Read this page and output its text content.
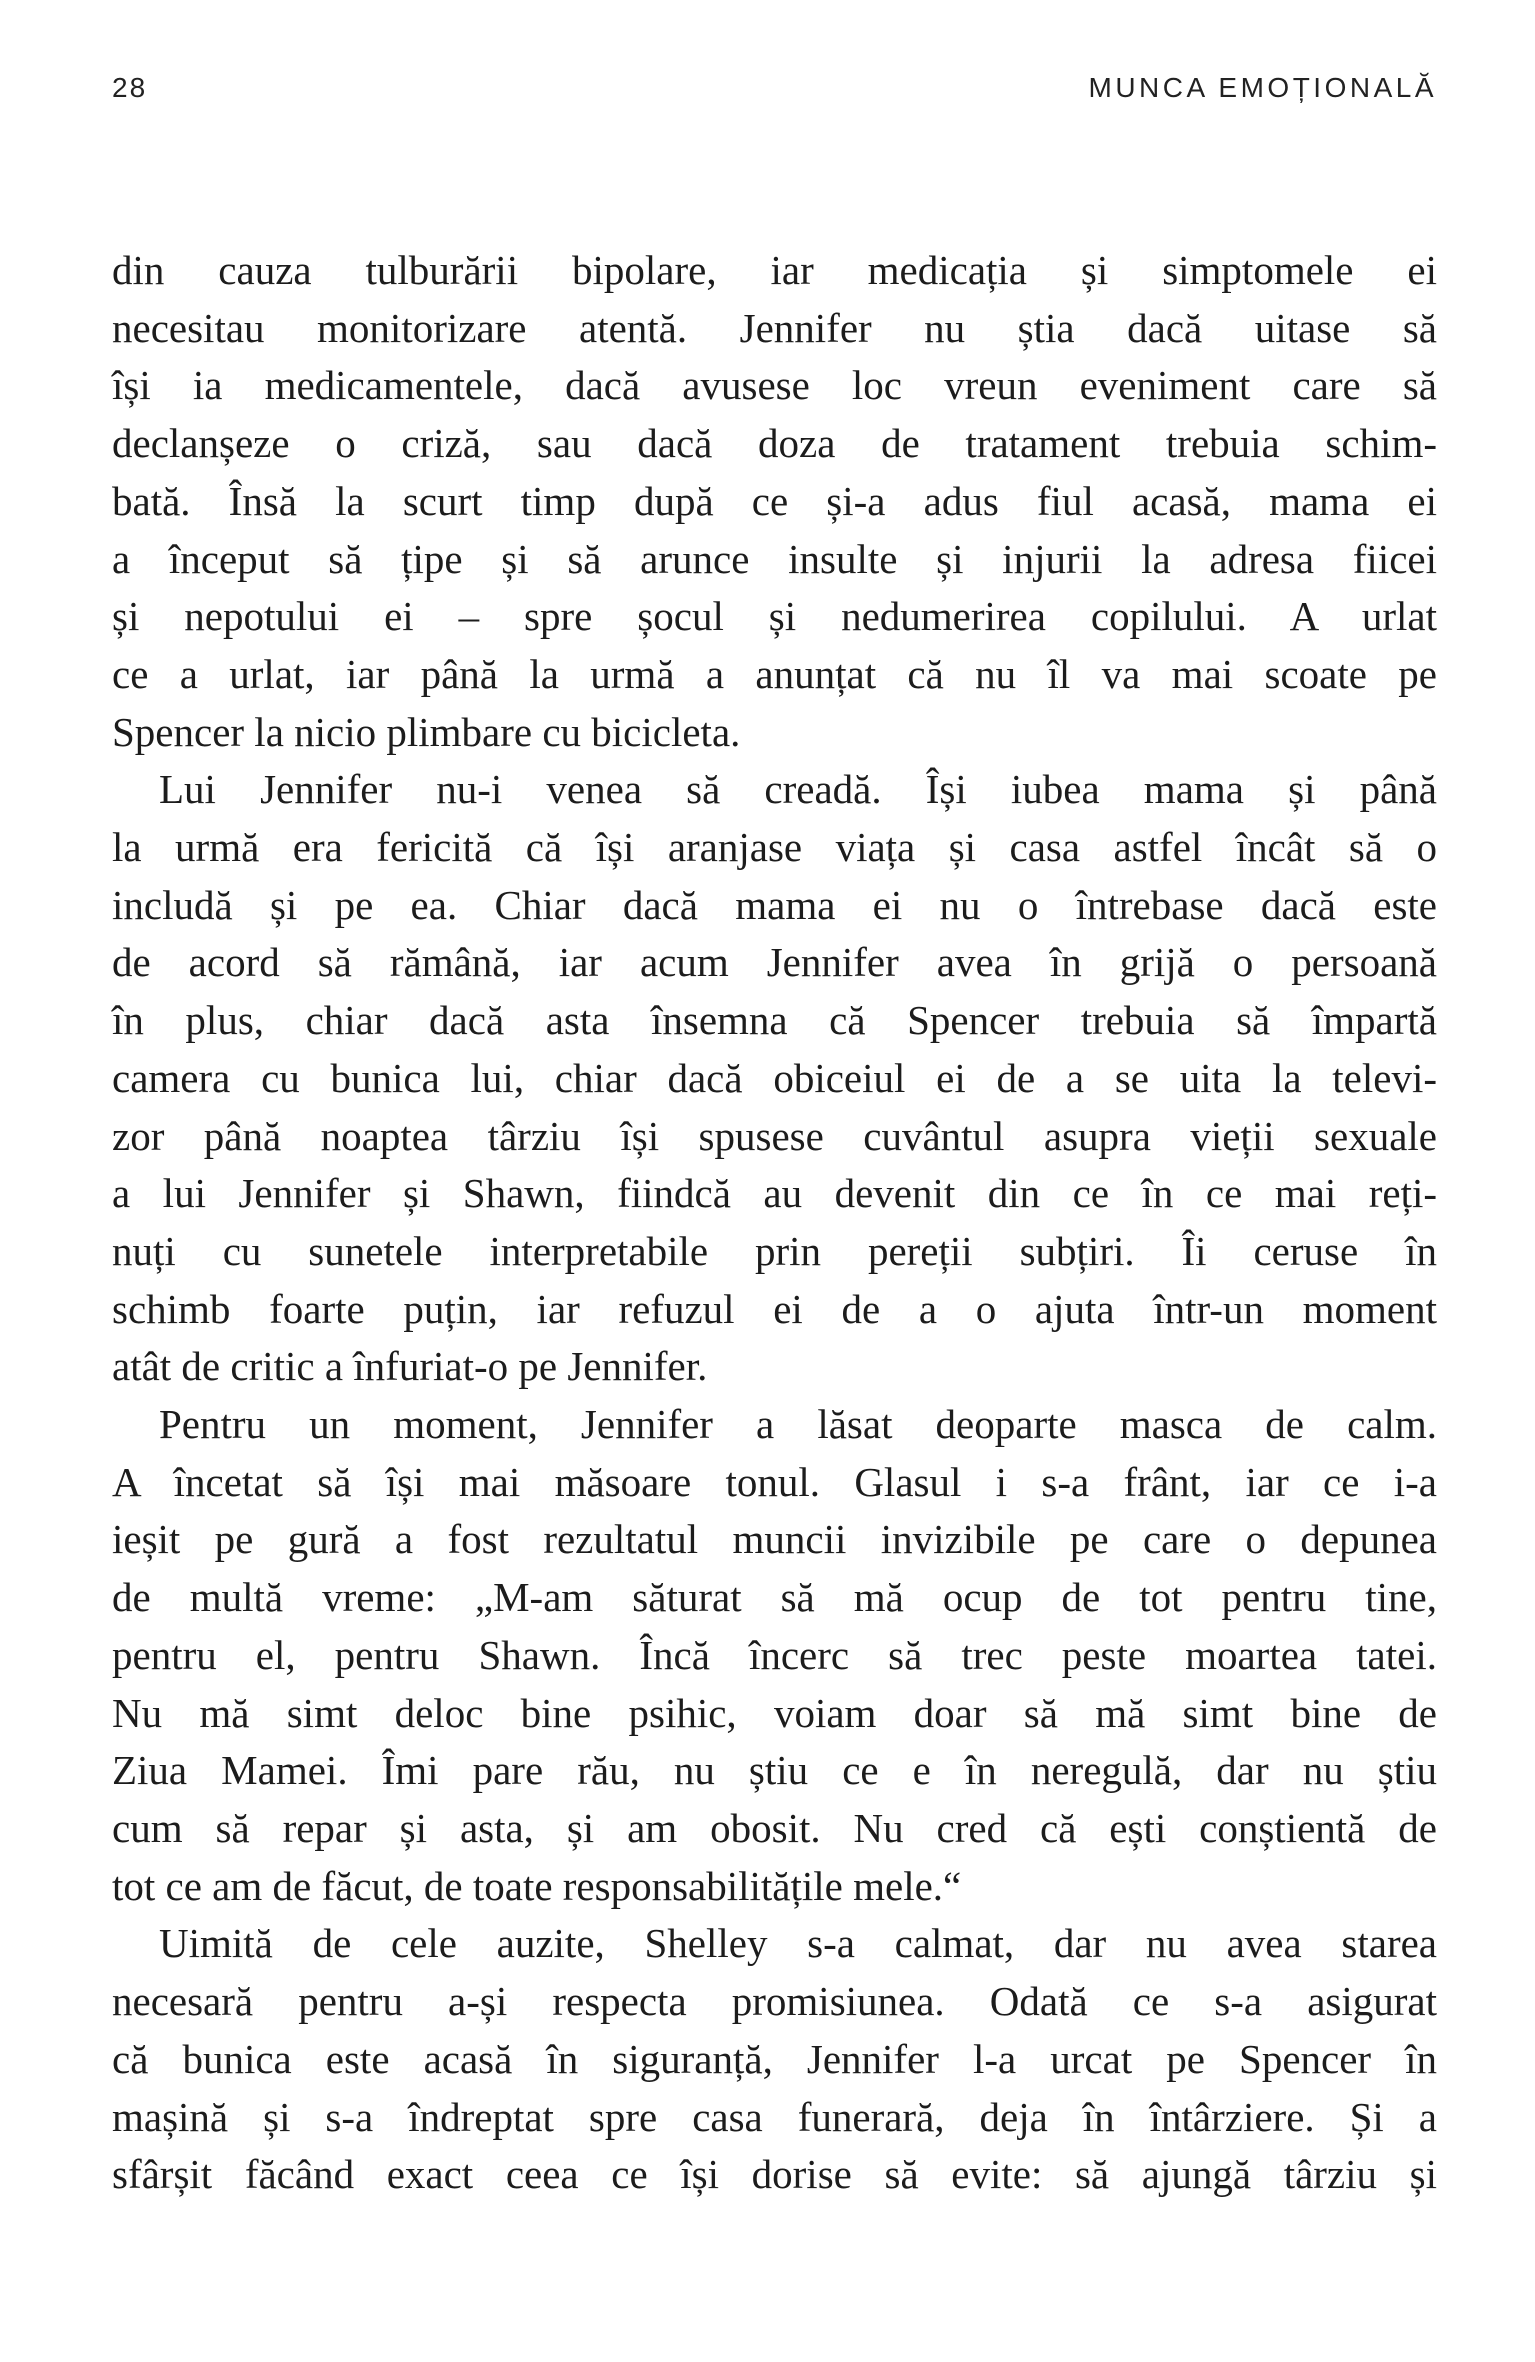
28	MUNCA EMOȚIONALĂ
din cauza tulburării bipolare, iar medicația și simptomele ei
necesitau monitorizare atentă. Jennifer nu știa dacă uitase să
își ia medicamentele, dacă avusese loc vreun eveniment care să
declanșeze o criză, sau dacă doza de tratament trebuia schim-
bată. Însă la scurt timp după ce și-a adus fiul acasă, mama ei
a început să țipe și să arunce insulte și injurii la adresa fiicei
și nepotului ei – spre șocul și nedumerirea copilului. A urlat
ce a urlat, iar până la urmă a anunțat că nu îl va mai scoate pe
Spencer la nicio plimbare cu bicicleta.
Lui Jennifer nu-i venea să creadă. Își iubea mama și până
la urmă era fericită că își aranjase viața și casa astfel încât să o
includă și pe ea. Chiar dacă mama ei nu o întrebase dacă este
de acord să rămână, iar acum Jennifer avea în grijă o persoană
în plus, chiar dacă asta însemna că Spencer trebuia să împartă
camera cu bunica lui, chiar dacă obiceiul ei de a se uita la televi-
zor până noaptea târziu își spusese cuvântul asupra vieții sexuale
a lui Jennifer și Shawn, fiindcă au devenit din ce în ce mai reți-
nuți cu sunetele interpretabile prin pereții subțiri. Îi ceruse în
schimb foarte puțin, iar refuzul ei de a o ajuta într-un moment
atât de critic a înfuriat-o pe Jennifer.
Pentru un moment, Jennifer a lăsat deoparte masca de calm.
A încetat să își mai măsoare tonul. Glasul i s-a frânt, iar ce i-a
ieșit pe gură a fost rezultatul muncii invizibile pe care o depunea
de multă vreme: „M-am săturat să mă ocup de tot pentru tine,
pentru el, pentru Shawn. Încă încerc să trec peste moartea tatei.
Nu mă simt deloc bine psihic, voiam doar să mă simt bine de
Ziua Mamei. Îmi pare rău, nu știu ce e în neregulă, dar nu știu
cum să repar și asta, și am obosit. Nu cred că ești conștientă de
tot ce am de făcut, de toate responsabilitățile mele.“
Uimită de cele auzite, Shelley s-a calmat, dar nu avea starea
necesară pentru a-și respecta promisiunea. Odată ce s-a asigurat
că bunica este acasă în siguranță, Jennifer l-a urcat pe Spencer în
mașină și s-a îndreptat spre casa funerară, deja în întârziere. Și a
sfârșit făcând exact ceea ce își dorise să evite: să ajungă târziu și
